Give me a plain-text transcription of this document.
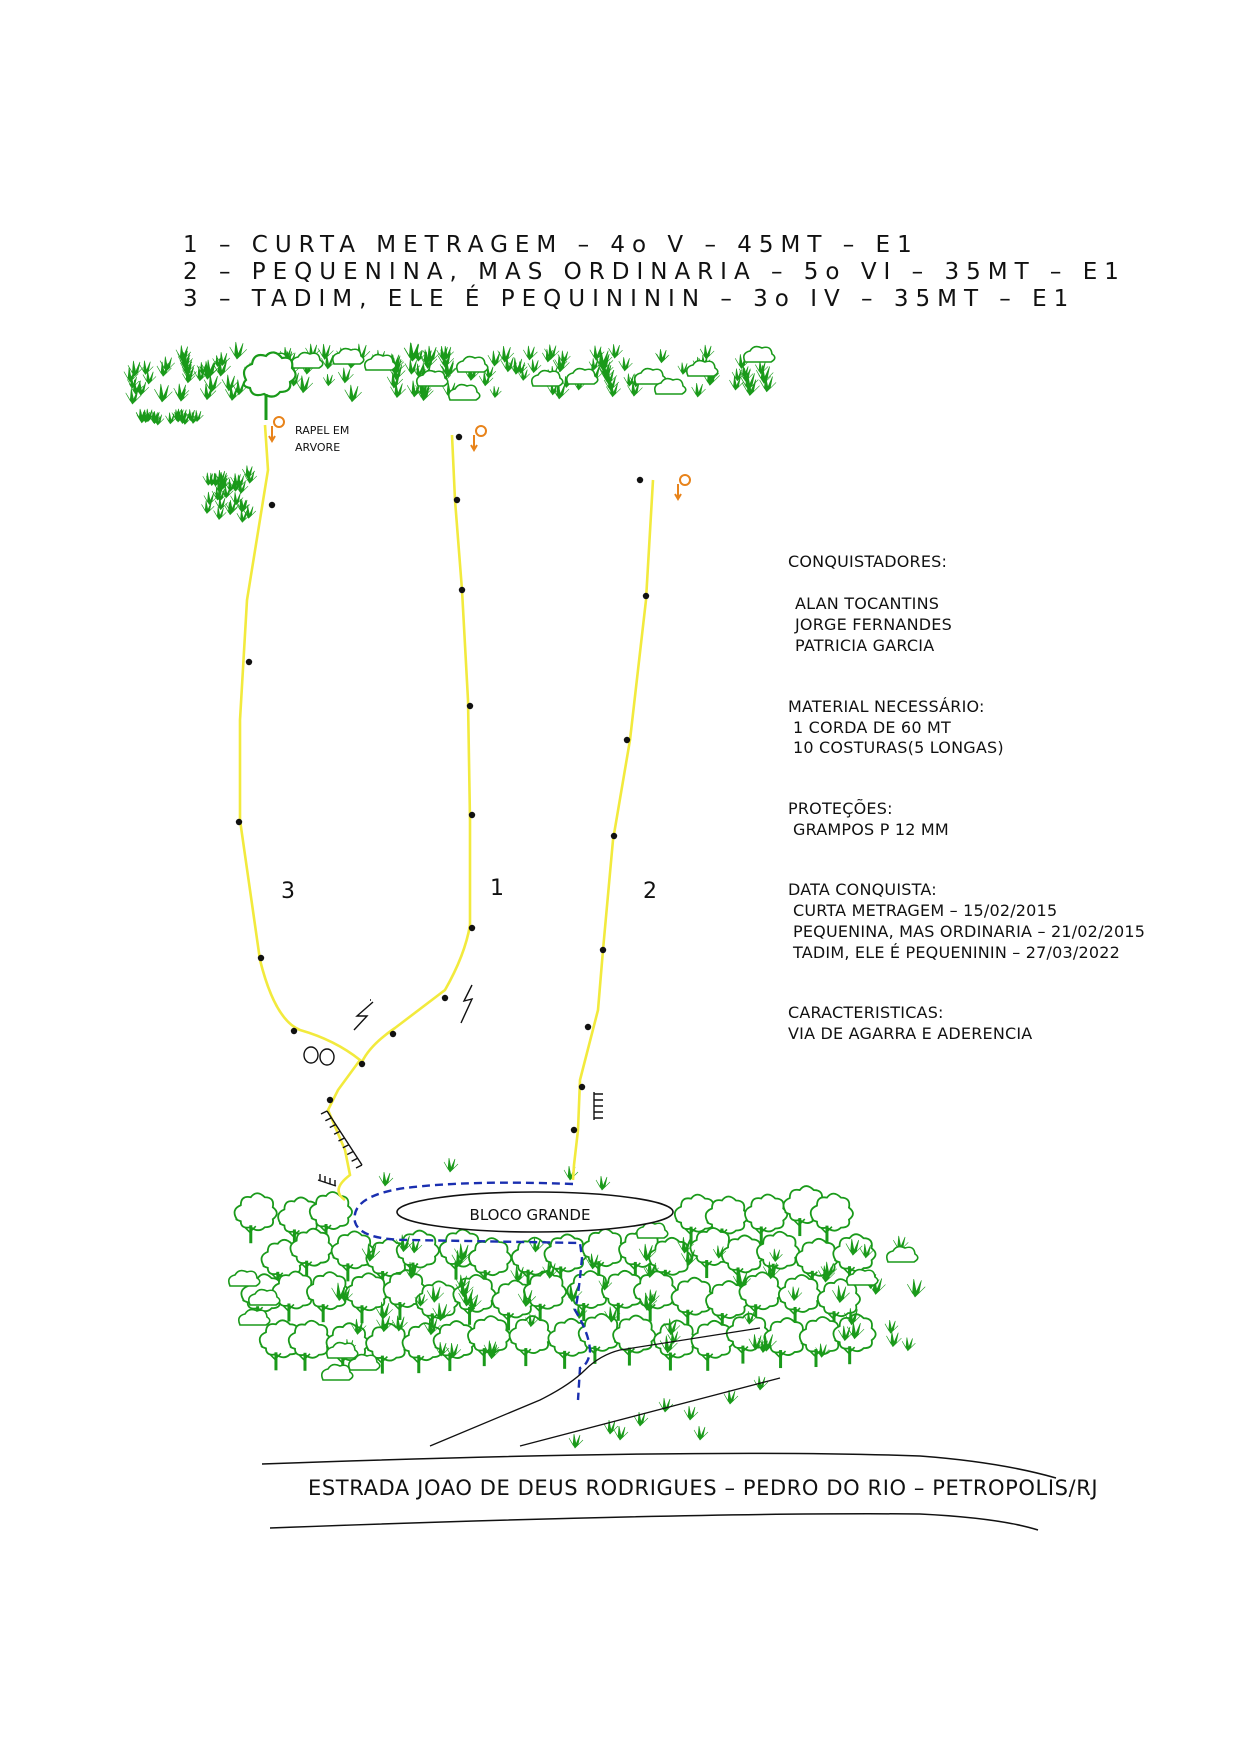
1 – CURTA METRAGEM – 4o V – 45MT – E1
2 – PEQUENINA, MAS ORDINARIA – 5o VI – 35MT – E1
3 – TADIM, ELE É PEQUINININ – 3o IV – 35MT – E1
3	1	2
RAPEL EM
ARVORE
BLOCO GRANDE
ESTRADA JOAO DE DEUS RODRIGUES – PEDRO DO RIO – PETROPOLIS/RJ
CONQUISTADORES:
ALAN TOCANTINS
JORGE FERNANDES
PATRICIA GARCIA
MATERIAL NECESSÁRIO:
1 CORDA DE 60 MT
10 COSTURAS(5 LONGAS)
PROTEÇÕES:
GRAMPOS P 12 MM
DATA CONQUISTA:
CURTA METRAGEM – 15/02/2015
PEQUENINA, MAS ORDINARIA – 21/02/2015
TADIM, ELE É PEQUENININ – 27/03/2022
CARACTERISTICAS:
VIA DE AGARRA E ADERENCIA
